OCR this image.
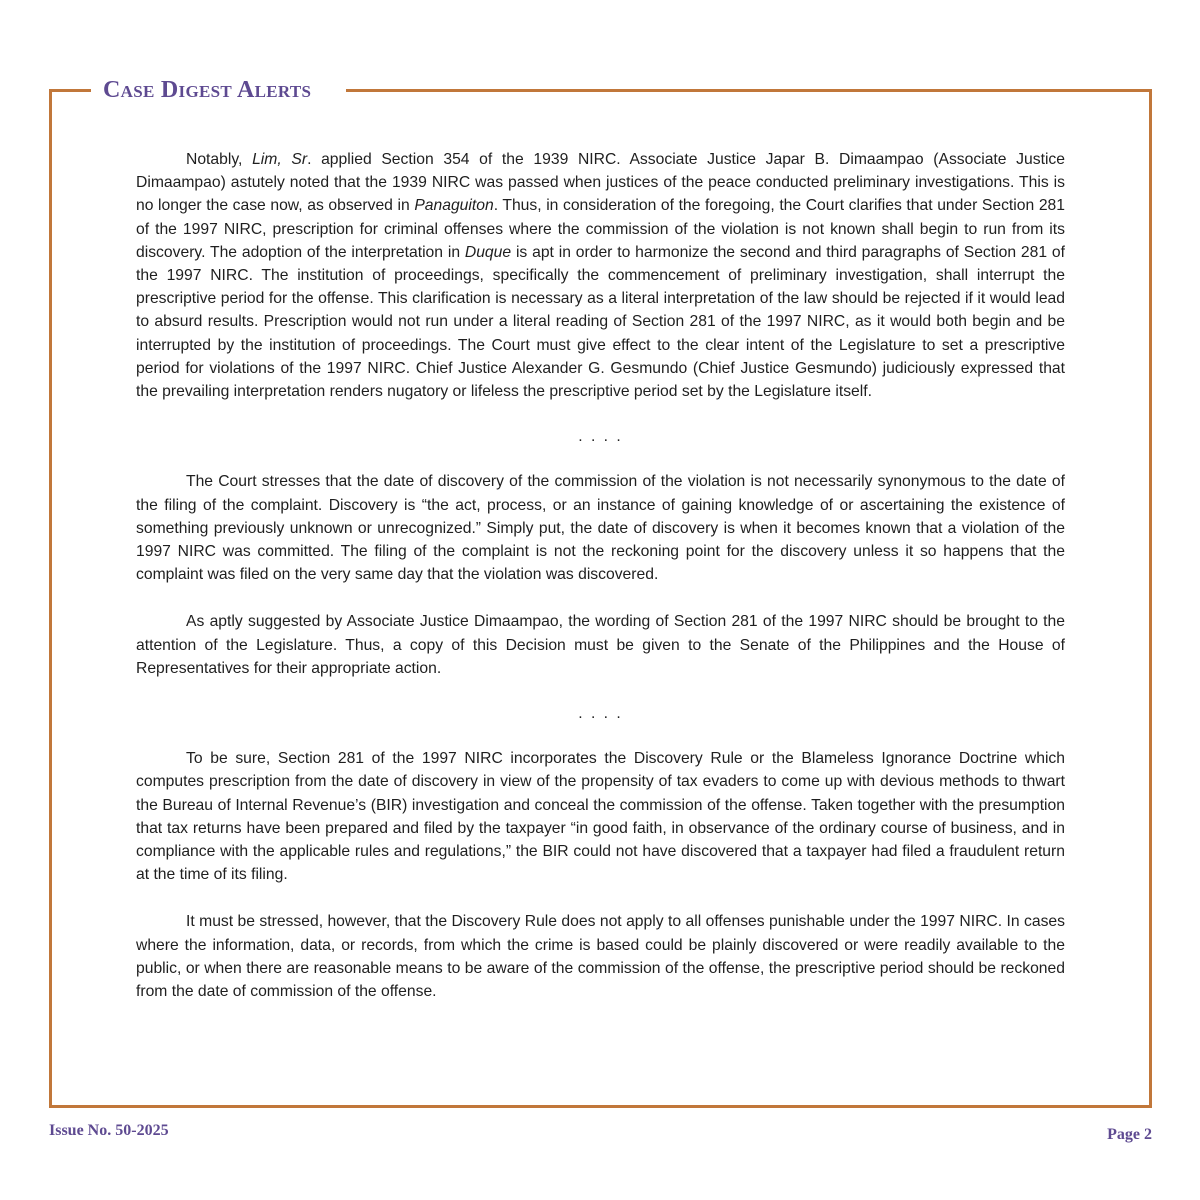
Case Digest Alerts

Notably, Lim, Sr. applied Section 354 of the 1939 NIRC. Associate Justice Japar B. Dimaampao (Associate Justice Dimaampao) astutely noted that the 1939 NIRC was passed when justices of the peace conducted preliminary investigations. This is no longer the case now, as observed in Panaguiton. Thus, in consideration of the foregoing, the Court clarifies that under Section 281 of the 1997 NIRC, prescription for criminal offenses where the commission of the violation is not known shall begin to run from its discovery. The adoption of the interpretation in Duque is apt in order to harmonize the second and third paragraphs of Section 281 of the 1997 NIRC. The institution of proceedings, specifically the commencement of preliminary investigation, shall interrupt the prescriptive period for the offense. This clarification is necessary as a literal interpretation of the law should be rejected if it would lead to absurd results. Prescription would not run under a literal reading of Section 281 of the 1997 NIRC, as it would both begin and be interrupted by the institution of proceedings. The Court must give effect to the clear intent of the Legislature to set a prescriptive period for violations of the 1997 NIRC. Chief Justice Alexander G. Gesmundo (Chief Justice Gesmundo) judiciously expressed that the prevailing interpretation renders nugatory or lifeless the prescriptive period set by the Legislature itself.

. . . .

The Court stresses that the date of discovery of the commission of the violation is not necessarily synonymous to the date of the filing of the complaint. Discovery is “the act, process, or an instance of gaining knowledge of or ascertaining the existence of something previously unknown or unrecognized.” Simply put, the date of discovery is when it becomes known that a violation of the 1997 NIRC was committed. The filing of the complaint is not the reckoning point for the discovery unless it so happens that the complaint was filed on the very same day that the violation was discovered.

As aptly suggested by Associate Justice Dimaampao, the wording of Section 281 of the 1997 NIRC should be brought to the attention of the Legislature. Thus, a copy of this Decision must be given to the Senate of the Philippines and the House of Representatives for their appropriate action.

. . . .

To be sure, Section 281 of the 1997 NIRC incorporates the Discovery Rule or the Blameless Ignorance Doctrine which computes prescription from the date of discovery in view of the propensity of tax evaders to come up with devious methods to thwart the Bureau of Internal Revenue’s (BIR) investigation and conceal the commission of the offense. Taken together with the presumption that tax returns have been prepared and filed by the taxpayer “in good faith, in observance of the ordinary course of business, and in compliance with the applicable rules and regulations,” the BIR could not have discovered that a taxpayer had filed a fraudulent return at the time of its filing.

It must be stressed, however, that the Discovery Rule does not apply to all offenses punishable under the 1997 NIRC. In cases where the information, data, or records, from which the crime is based could be plainly discovered or were readily available to the public, or when there are reasonable means to be aware of the commission of the offense, the prescriptive period should be reckoned from the date of commission of the offense.

Issue No. 50-2025	Page 2
